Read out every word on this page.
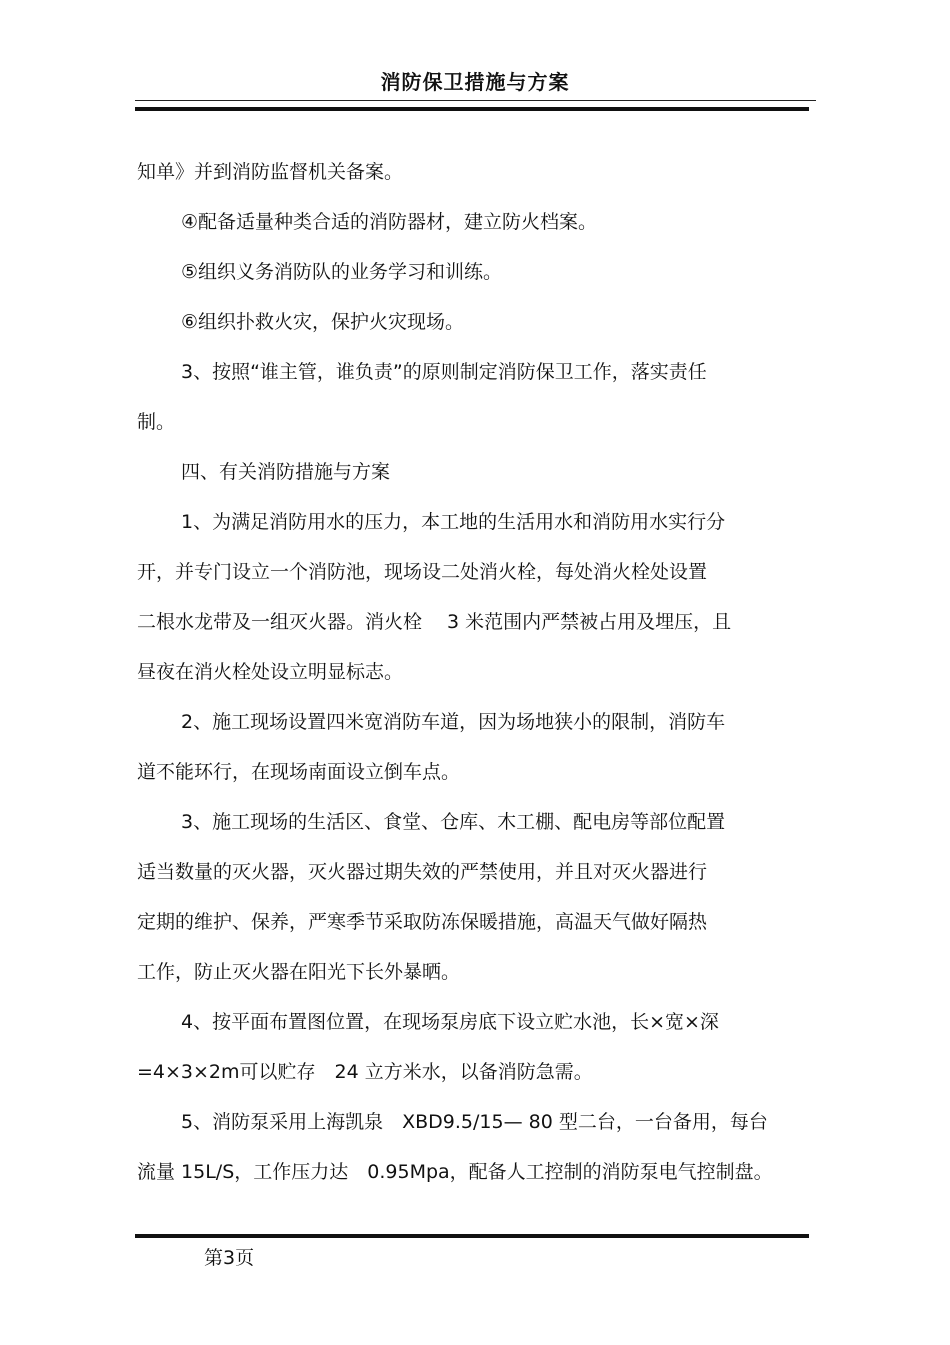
消防保卫措施与方案
知单》并到消防监督机关备案。
④配备适量种类合适的消防器材，建立防火档案。
⑤组织义务消防队的业务学习和训练。
⑥组织扑救火灾，保护火灾现场。
3、按照“谁主管，谁负责”的原则制定消防保卫工作，落实责任
制。
四、有关消防措施与方案
1、为满足消防用水的压力，本工地的生活用水和消防用水实行分
开，并专门设立一个消防池，现场设二处消火栓，每处消火栓处设置
二根水龙带及一组灭火器。消火栓　 3 米范围内严禁被占用及埋压，且
昼夜在消火栓处设立明显标志。
2、施工现场设置四米宽消防车道，因为场地狭小的限制，消防车
道不能环行，在现场南面设立倒车点。
3、施工现场的生活区、食堂、仓库、木工棚、配电房等部位配置
适当数量的灭火器，灭火器过期失效的严禁使用，并且对灭火器进行
定期的维护、保养，严寒季节采取防冻保暖措施，高温天气做好隔热
工作，防止灭火器在阳光下长外暴晒。
4、按平面布置图位置，在现场泵房底下设立贮水池，长×宽×深
=4×3×2m可以贮存　24 立方米水，以备消防急需。
5、消防泵采用上海凯泉　XBD9.5/15— 80 型二台，一台备用，每台
流量 15L/S，工作压力达　0.95Mpa，配备人工控制的消防泵电气控制盘。
第3页
